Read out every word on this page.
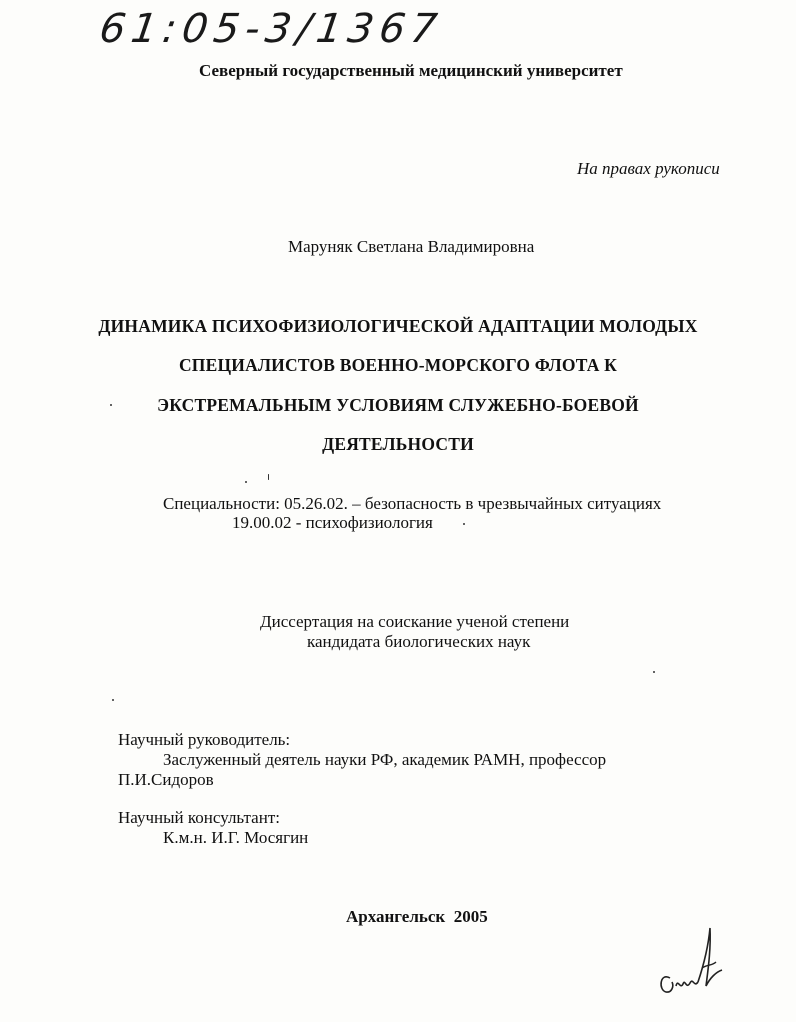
61:05-3/1367
Северный государственный медицинский университет
На правах рукописи
Маруняк Светлана Владимировна
ДИНАМИКА ПСИХОФИЗИОЛОГИЧЕСКОЙ АДАПТАЦИИ МОЛОДЫХ
СПЕЦИАЛИСТОВ ВОЕННО-МОРСКОГО ФЛОТА К
ЭКСТРЕМАЛЬНЫМ УСЛОВИЯМ СЛУЖЕБНО-БОЕВОЙ
ДЕЯТЕЛЬНОСТИ
Специальности: 05.26.02. – безопасность в чрезвычайных ситуациях
19.00.02 - психофизиология
Диссертация на соискание ученой степени
кандидата биологических наук
Научный руководитель:
Заслуженный деятель науки РФ, академик РАМН, профессор
П.И.Сидоров
Научный консультант:
К.м.н. И.Г. Мосягин
Архангельск  2005
